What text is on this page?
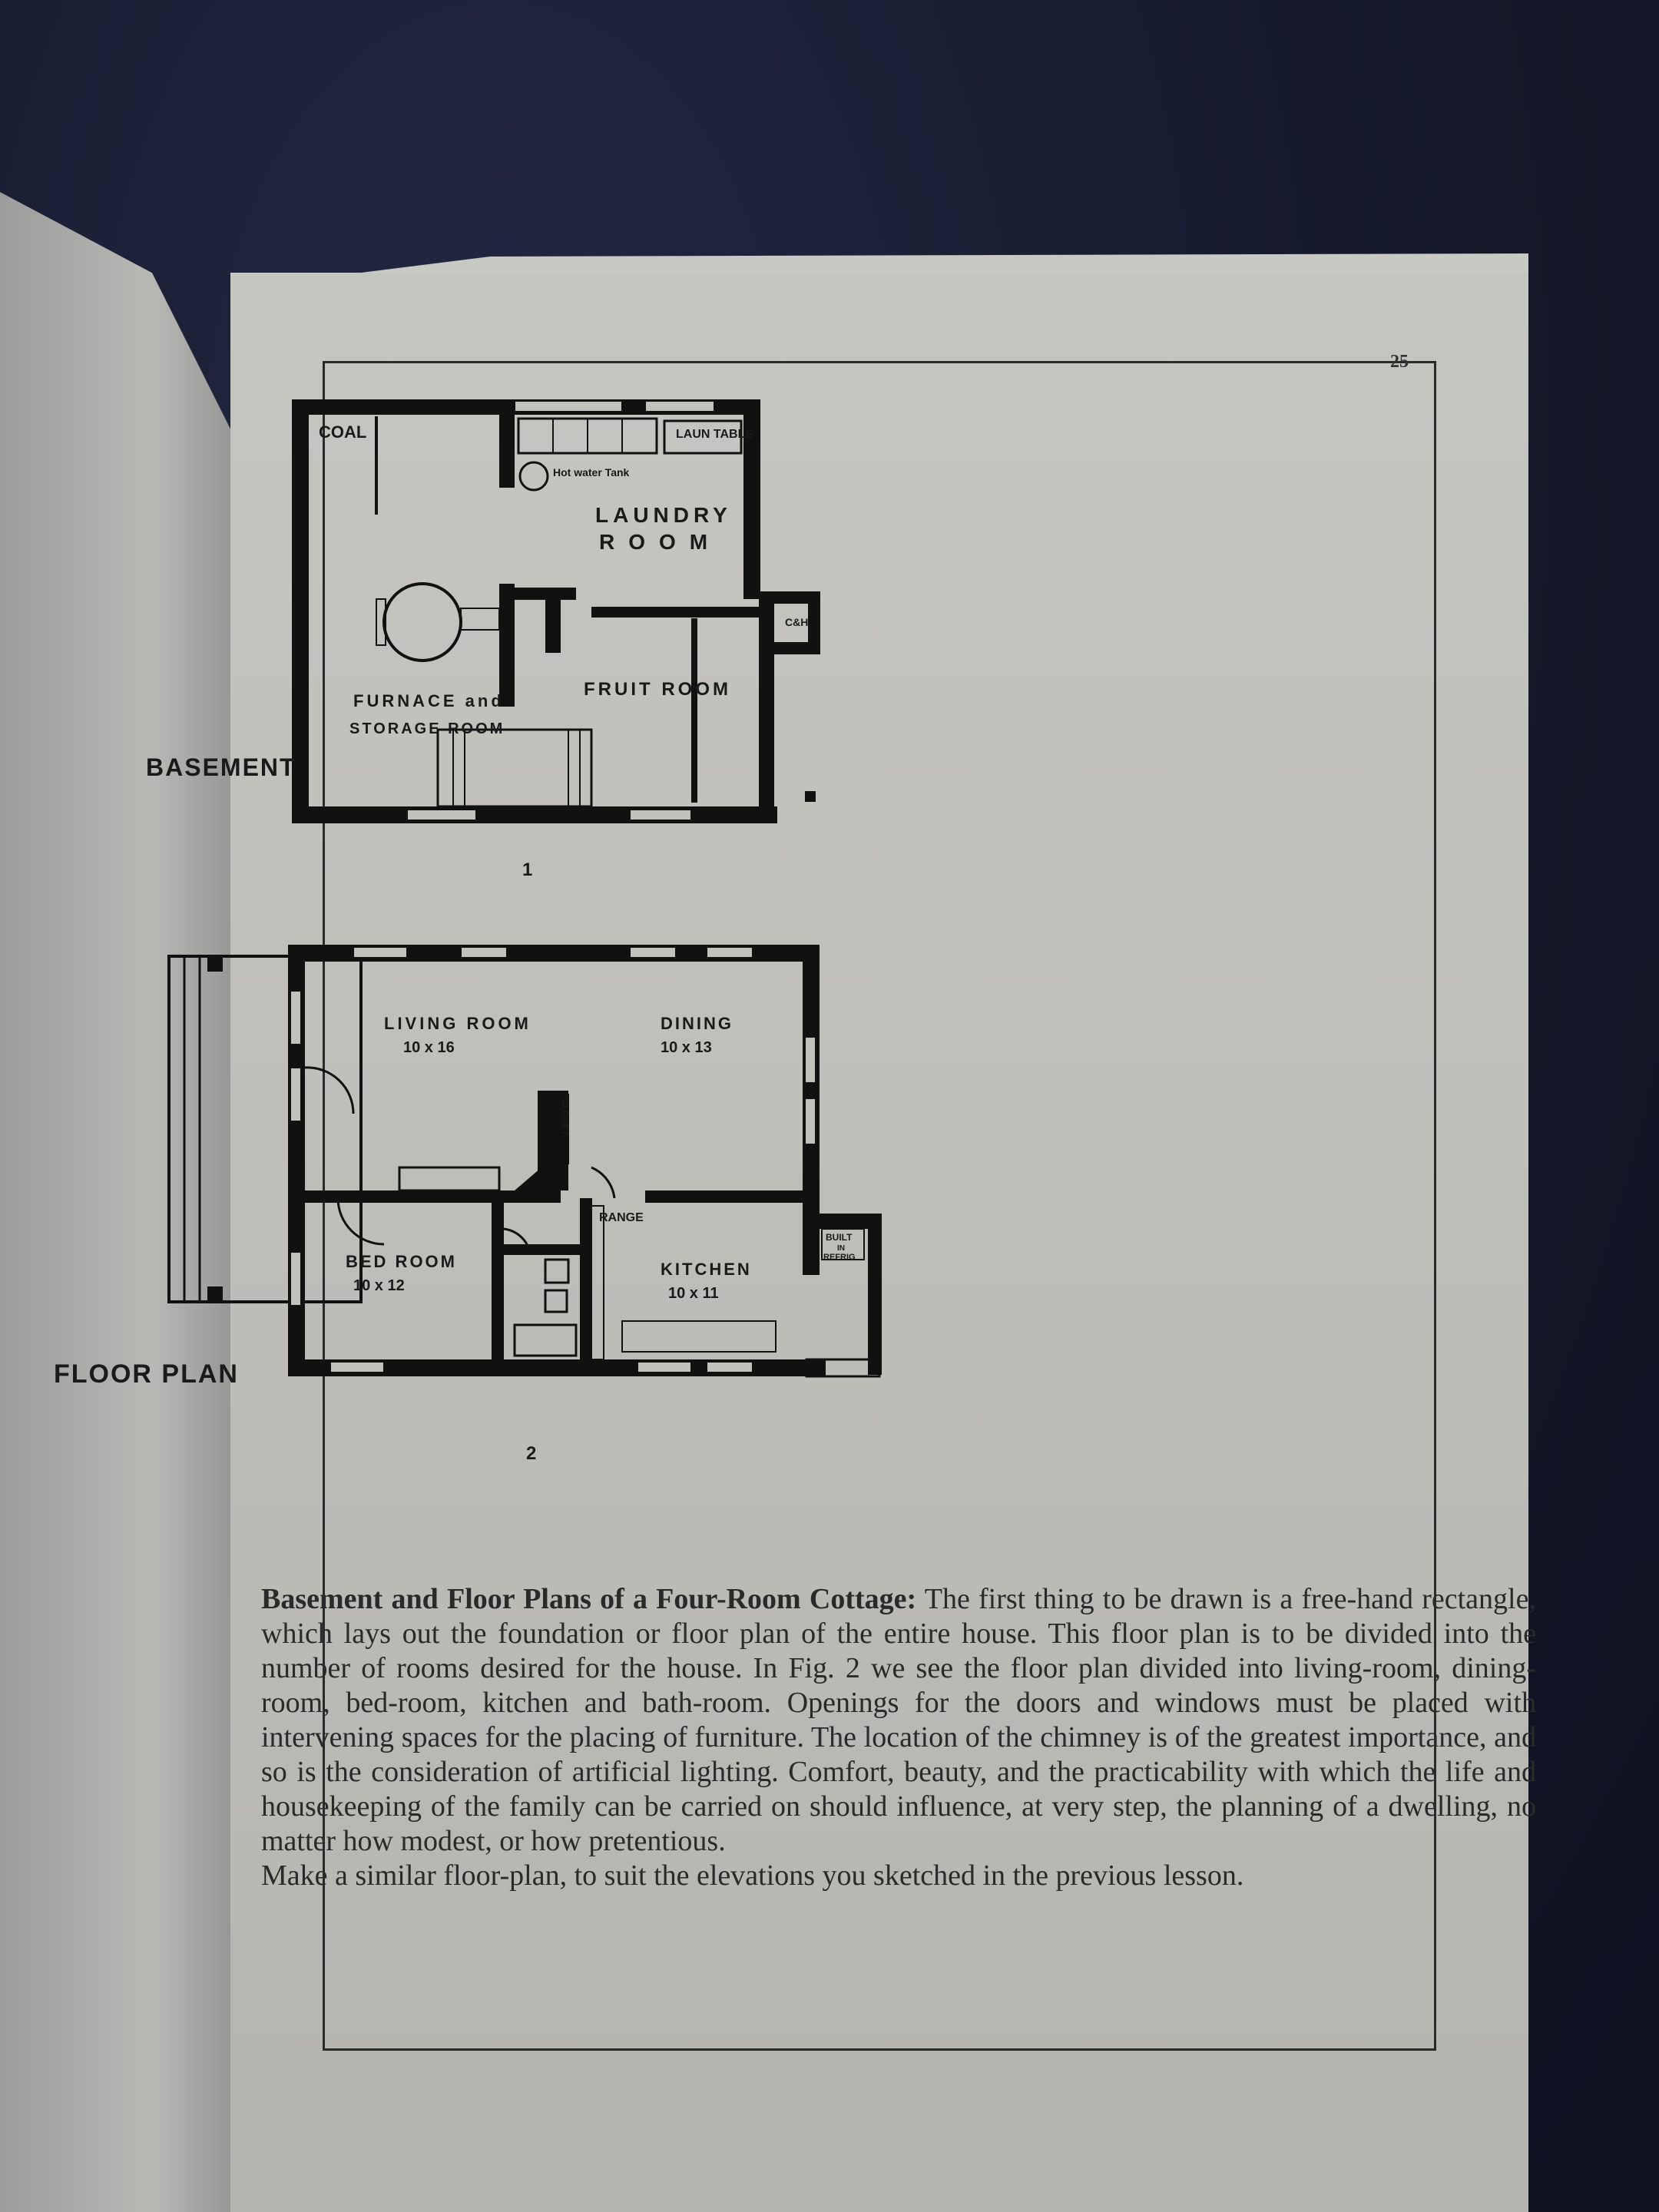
25
COAL
Hot water Tank
LAUN TABLE
LAUNDRY
ROOM
FRUIT ROOM
FURNACE and
STORAGE ROOM
C&H
BASEMENT
1
LIVING ROOM
10 x 16
DINING
10 x 13
BED ROOM
10 x 12
KITCHEN
10 x 11
RANGE
BUILT
IN
REFRIG
CLOSET
FLOOR PLAN
2

Basement and Floor Plans of a Four-Room Cottage: The first thing to be drawn is a free-hand rectangle, which lays out the foundation or floor plan of the entire house. This floor plan is to be divided into the number of rooms desired for the house. In Fig. 2 we see the floor plan divided into living-room, dining-room, bed-room, kitchen and bath-room. Openings for the doors and windows must be placed with intervening spaces for the placing of furniture. The location of the chimney is of the greatest importance, and so is the consideration of artificial lighting. Comfort, beauty, and the practicability with which the life and housekeeping of the family can be carried on should influence, at very step, the planning of a dwelling, no matter how modest, or how pretentious.

Make a similar floor-plan, to suit the elevations you sketched in the previous lesson.
